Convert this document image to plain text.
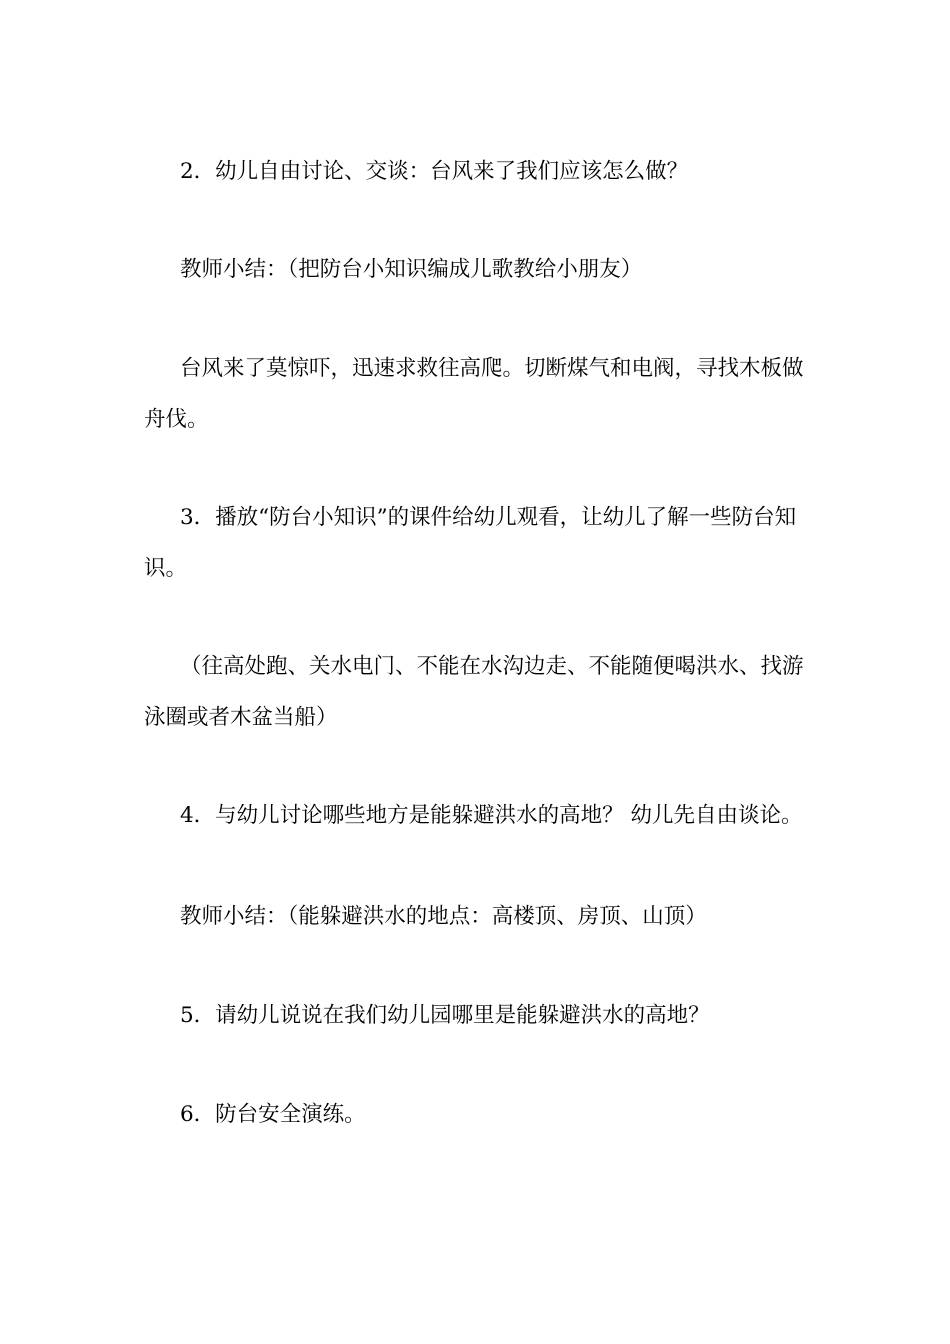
2．幼儿自由讨论、交谈：台风来了我们应该怎么做？

教师小结：（把防台小知识编成儿歌教给小朋友）

台风来了莫惊吓，迅速求救往高爬。切断煤气和电阀，寻找木板做舟伐。

3．播放“防台小知识”的课件给幼儿观看，让幼儿了解一些防台知识。

（往高处跑、关水电门、不能在水沟边走、不能随便喝洪水、找游泳圈或者木盆当船）

4．与幼儿讨论哪些地方是能躲避洪水的高地？ 幼儿先自由谈论。

教师小结：（能躲避洪水的地点：高楼顶、房顶、山顶）

5．请幼儿说说在我们幼儿园哪里是能躲避洪水的高地？

6．防台安全演练。
